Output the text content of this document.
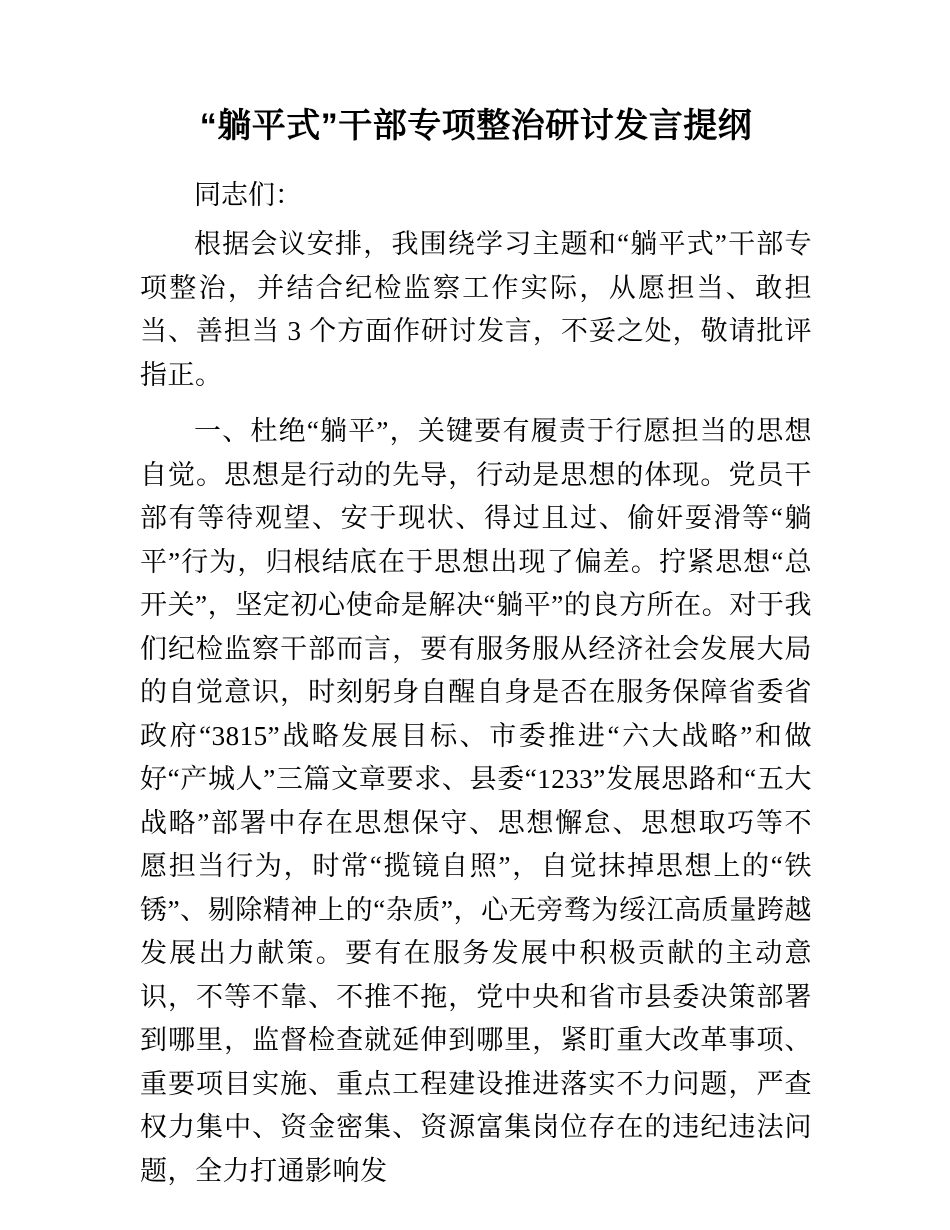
“躺平式”干部专项整治研讨发言提纲

同志们：

根据会议安排，我围绕学习主题和“躺平式”干部专项整治，并结合纪检监察工作实际，从愿担当、敢担当、善担当 3 个方面作研讨发言，不妥之处，敬请批评指正。

一、杜绝“躺平”，关键要有履责于行愿担当的思想自觉。思想是行动的先导，行动是思想的体现。党员干部有等待观望、安于现状、得过且过、偷奸耍滑等“躺平”行为，归根结底在于思想出现了偏差。拧紧思想“总开关”，坚定初心使命是解决“躺平”的良方所在。对于我们纪检监察干部而言，要有服务服从经济社会发展大局的自觉意识，时刻躬身自醒自身是否在服务保障省委省政府“3815”战略发展目标、市委推进“六大战略”和做好“产城人”三篇文章要求、县委“1233”发展思路和“五大战略”部署中存在思想保守、思想懈怠、思想取巧等不愿担当行为，时常“揽镜自照”，自觉抹掉思想上的“铁锈”、剔除精神上的“杂质”，心无旁骛为绥江高质量跨越发展出力献策。要有在服务发展中积极贡献的主动意识，不等不靠、不推不拖，党中央和省市县委决策部署到哪里，监督检查就延伸到哪里，紧盯重大改革事项、重要项目实施、重点工程建设推进落实不力问题，严查权力集中、资金密集、资源富集岗位存在的违纪违法问题，全力打通影响发
